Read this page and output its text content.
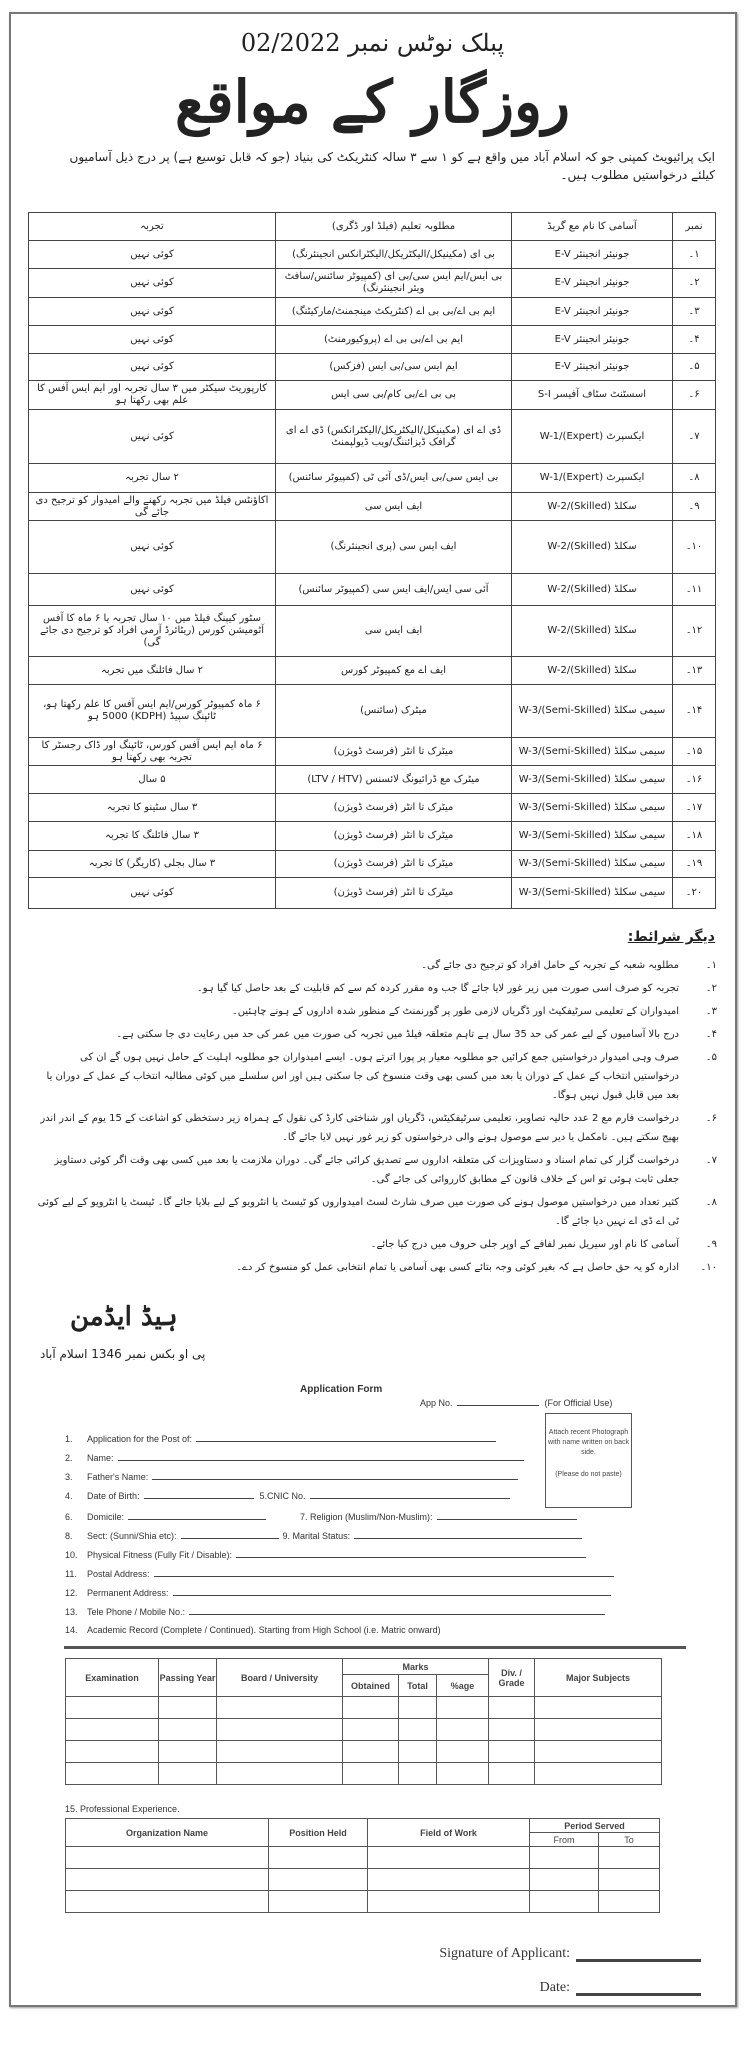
پبلک نوٹس نمبر 02/2022
روزگار کے مواقع
ایک پرائیویٹ کمپنی جو کہ اسلام آباد میں واقع ہے کو ۱ سے ۳ سالہ کنٹریکٹ کی بنیاد (جو کہ قابل توسیع ہے) پر درج ذیل آسامیوں
کیلئے درخواستیں مطلوب ہیں۔
نمبر	آسامی کا نام مع گریڈ	مطلوبہ تعلیم (فیلڈ اور ڈگری)	تجربہ
۱۔	جونیئر انجینئر E-V	بی ای (مکینیکل/الیکٹریکل/الیکٹرانکس انجینئرنگ)	کوئی نہیں
۲۔	جونیئر انجینئر E-V	بی ایس/ایم ایس سی/بی ای (کمپیوٹر سائنس/سافٹ ویئر انجینئرنگ)	کوئی نہیں
۳۔	جونیئر انجینئر E-V	ایم بی اے/بی بی اے (کنٹریکٹ مینجمنٹ/مارکیٹنگ)	کوئی نہیں
۴۔	جونیئر انجینئر E-V	ایم بی اے/بی بی اے (پروکیورمنٹ)	کوئی نہیں
۵۔	جونیئر انجینئر E-V	ایم ایس سی/بی ایس (فزکس)	کوئی نہیں
۶۔	اسسٹنٹ سٹاف آفیسر S-I	بی بی اے/بی کام/بی سی ایس	کارپوریٹ سیکٹر میں ۳ سال تجربہ اور ایم ایس آفس کا علم بھی رکھتا ہو
۷۔	ایکسپرٹ W-1/(Expert)	ڈی اے ای (مکینیکل/الیکٹریکل/الیکٹرانکس) ڈی اے ای گرافک ڈیزائننگ/ویب ڈیولپمنٹ	کوئی نہیں
۸۔	ایکسپرٹ W-1/(Expert)	بی ایس سی/بی ایس/ڈی آئی ٹی (کمپیوٹر سائنس)	۲ سال تجربہ
۹۔	سکلڈ W-2/(Skilled)	ایف ایس سی	اکاؤنٹس فیلڈ میں تجربہ رکھنے والے امیدوار کو ترجیح دی جائے گی
۱۰۔	سکلڈ W-2/(Skilled)	ایف ایس سی (پری انجینئرنگ)	کوئی نہیں
۱۱۔	سکلڈ W-2/(Skilled)	آئی سی ایس/ایف ایس سی (کمپیوٹر سائنس)	کوئی نہیں
۱۲۔	سکلڈ W-2/(Skilled)	ایف ایس سی	سٹور کیپنگ فیلڈ میں ۱۰ سال تجربہ یا ۶ ماہ کا آفس آٹومیشن کورس (ریٹائرڈ آرمی افراد کو ترجیح دی جائے گی)
۱۳۔	سکلڈ W-2/(Skilled)	ایف اے مع کمپیوٹر کورس	۲ سال فائلنگ میں تجربہ
۱۴۔	سیمی سکلڈ W-3/(Semi-Skilled)	میٹرک (سائنس)	۶ ماہ کمپیوٹر کورس/ایم ایس آفس کا علم رکھتا ہو، ٹائپنگ سپیڈ (KDPH) 5000 ہو
۱۵۔	سیمی سکلڈ W-3/(Semi-Skilled)	میٹرک تا انٹر (فرسٹ ڈویژن)	۶ ماہ ایم ایس آفس کورس، ٹائپنگ اور ڈاک رجسٹر کا تجربہ بھی رکھتا ہو
۱۶۔	سیمی سکلڈ W-3/(Semi-Skilled)	میٹرک مع ڈرائیونگ لائسنس (LTV / HTV)	۵ سال
۱۷۔	سیمی سکلڈ W-3/(Semi-Skilled)	میٹرک تا انٹر (فرسٹ ڈویژن)	۳ سال سٹینو کا تجربہ
۱۸۔	سیمی سکلڈ W-3/(Semi-Skilled)	میٹرک تا انٹر (فرسٹ ڈویژن)	۳ سال فائلنگ کا تجربہ
۱۹۔	سیمی سکلڈ W-3/(Semi-Skilled)	میٹرک تا انٹر (فرسٹ ڈویژن)	۳ سال بجلی (کاریگر) کا تجربہ
۲۰۔	سیمی سکلڈ W-3/(Semi-Skilled)	میٹرک تا انٹر (فرسٹ ڈویژن)	کوئی نہیں
دیگر شرائط:
۱۔
مطلوبہ شعبہ کے تجربہ کے حامل افراد کو ترجیح دی جائے گی۔
۲۔
تجربہ کو صرف اسی صورت میں زیر غور لایا جائے گا جب وہ مقرر کردہ کم سے کم قابلیت کے بعد حاصل کیا گیا ہو۔
۳۔
امیدواران کے تعلیمی سرٹیفکیٹ اور ڈگریاں لازمی طور پر گورنمنٹ کے منظور شدہ اداروں کے ہونے چاہئیں۔
۴۔
درج بالا آسامیوں کے لیے عمر کی حد 35 سال ہے تاہم متعلقہ فیلڈ میں تجربہ کی صورت میں عمر کی حد میں رعایت دی جا سکتی ہے۔
۵۔
صرف وہی امیدوار درخواستیں جمع کرائیں جو مطلوبہ معیار پر پورا اترتے ہوں۔ ایسے امیدواران جو مطلوبہ اہلیت کے حامل نہیں ہوں گے ان کی درخواستیں انتخاب کے عمل کے دوران یا بعد میں کسی بھی وقت منسوخ کی جا سکتی ہیں اور اس سلسلے میں کوئی مطالبہ انتخاب کے عمل کے دوران یا بعد میں قابل قبول نہیں ہوگا۔
۶۔
درخواست فارم مع 2 عدد حالیہ تصاویر، تعلیمی سرٹیفکیٹس، ڈگریاں اور شناختی کارڈ کی نقول کے ہمراہ زیر دستخطی کو اشاعت کے 15 یوم کے اندر اندر بھیج سکتے ہیں۔ نامکمل یا دیر سے موصول ہونے والی درخواستوں کو زیر غور نہیں لایا جائے گا۔
۷۔
درخواست گزار کی تمام اسناد و دستاویزات کی متعلقہ اداروں سے تصدیق کرائی جائے گی۔ دوران ملازمت یا بعد میں کسی بھی وقت اگر کوئی دستاویز جعلی ثابت ہوئی تو اس کے خلاف قانون کے مطابق کارروائی کی جائے گی۔
۸۔
کثیر تعداد میں درخواستیں موصول ہونے کی صورت میں صرف شارٹ لسٹ امیدواروں کو ٹیسٹ یا انٹرویو کے لیے بلایا جائے گا۔ ٹیسٹ یا انٹرویو کے لیے کوئی ٹی اے ڈی اے نہیں دیا جائے گا۔
۹۔
آسامی کا نام اور سیریل نمبر لفافے کے اوپر جلی حروف میں درج کیا جائے۔
۱۰۔
ادارہ کو یہ حق حاصل ہے کہ بغیر کوئی وجہ بتائے کسی بھی آسامی یا تمام انتخابی عمل کو منسوخ کر دے۔
ہیڈ ایڈمن
پی او بکس نمبر 1346 اسلام آباد
Application Form
App No.	(For Official Use)
Attach recent Photograph with name written on back side.
(Please do not paste)
1.	Application for the Post of:
2.	Name:
3.	Father's Name:
4.	Date of Birth:	5.CNIC No.
6.	Domicile:	7. Religion (Muslim/Non-Muslim):
8.	Sect: (Sunni/Shia etc):	9. Marital Status:
10.	Physical Fitness (Fully Fit / Disable):
11.	Postal Address:
12.	Permanent Address:
13.	Tele Phone / Mobile No.:
14.	Academic Record (Complete / Continued). Starting from High School (i.e. Matric onward)
Examination	Passing Year	Board / University	Marks			Div. / Grade	Major Subjects
			Obtained	Total	%age		

15. Professional Experience.
Organization Name	Position Held	Field of Work	Period Served	
			From	To

Signature of Applicant:
Date:
